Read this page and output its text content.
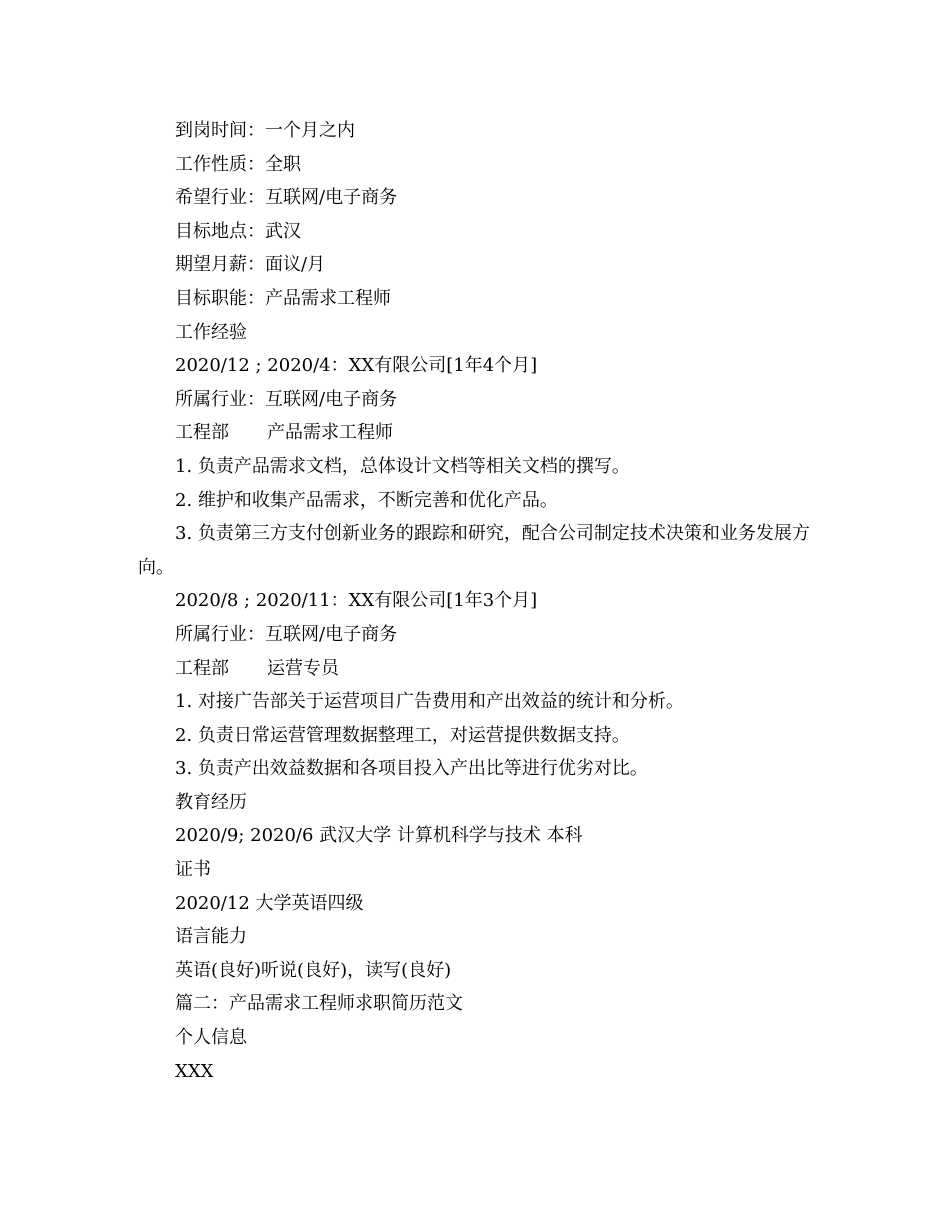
到岗时间：一个月之内
工作性质：全职
希望行业：互联网/电子商务
目标地点：武汉
期望月薪：面议/月
目标职能：产品需求工程师
工作经验
2020/12 ; 2020/4：XX有限公司[1年4个月]
所属行业：互联网/电子商务
工程部 产品需求工程师
1. 负责产品需求文档，总体设计文档等相关文档的撰写。
2. 维护和收集产品需求，不断完善和优化产品。
3. 负责第三方支付创新业务的跟踪和研究，配合公司制定技术决策和业务发展方向。
2020/8 ; 2020/11：XX有限公司[1年3个月]
所属行业：互联网/电子商务
工程部 运营专员
1. 对接广告部关于运营项目广告费用和产出效益的统计和分析。
2. 负责日常运营管理数据整理工，对运营提供数据支持。
3. 负责产出效益数据和各项目投入产出比等进行优劣对比。
教育经历
2020/9; 2020/6 武汉大学 计算机科学与技术 本科
证书
2020/12 大学英语四级
语言能力
英语(良好)听说(良好)，读写(良好)
篇二：产品需求工程师求职简历范文
个人信息
XXX
